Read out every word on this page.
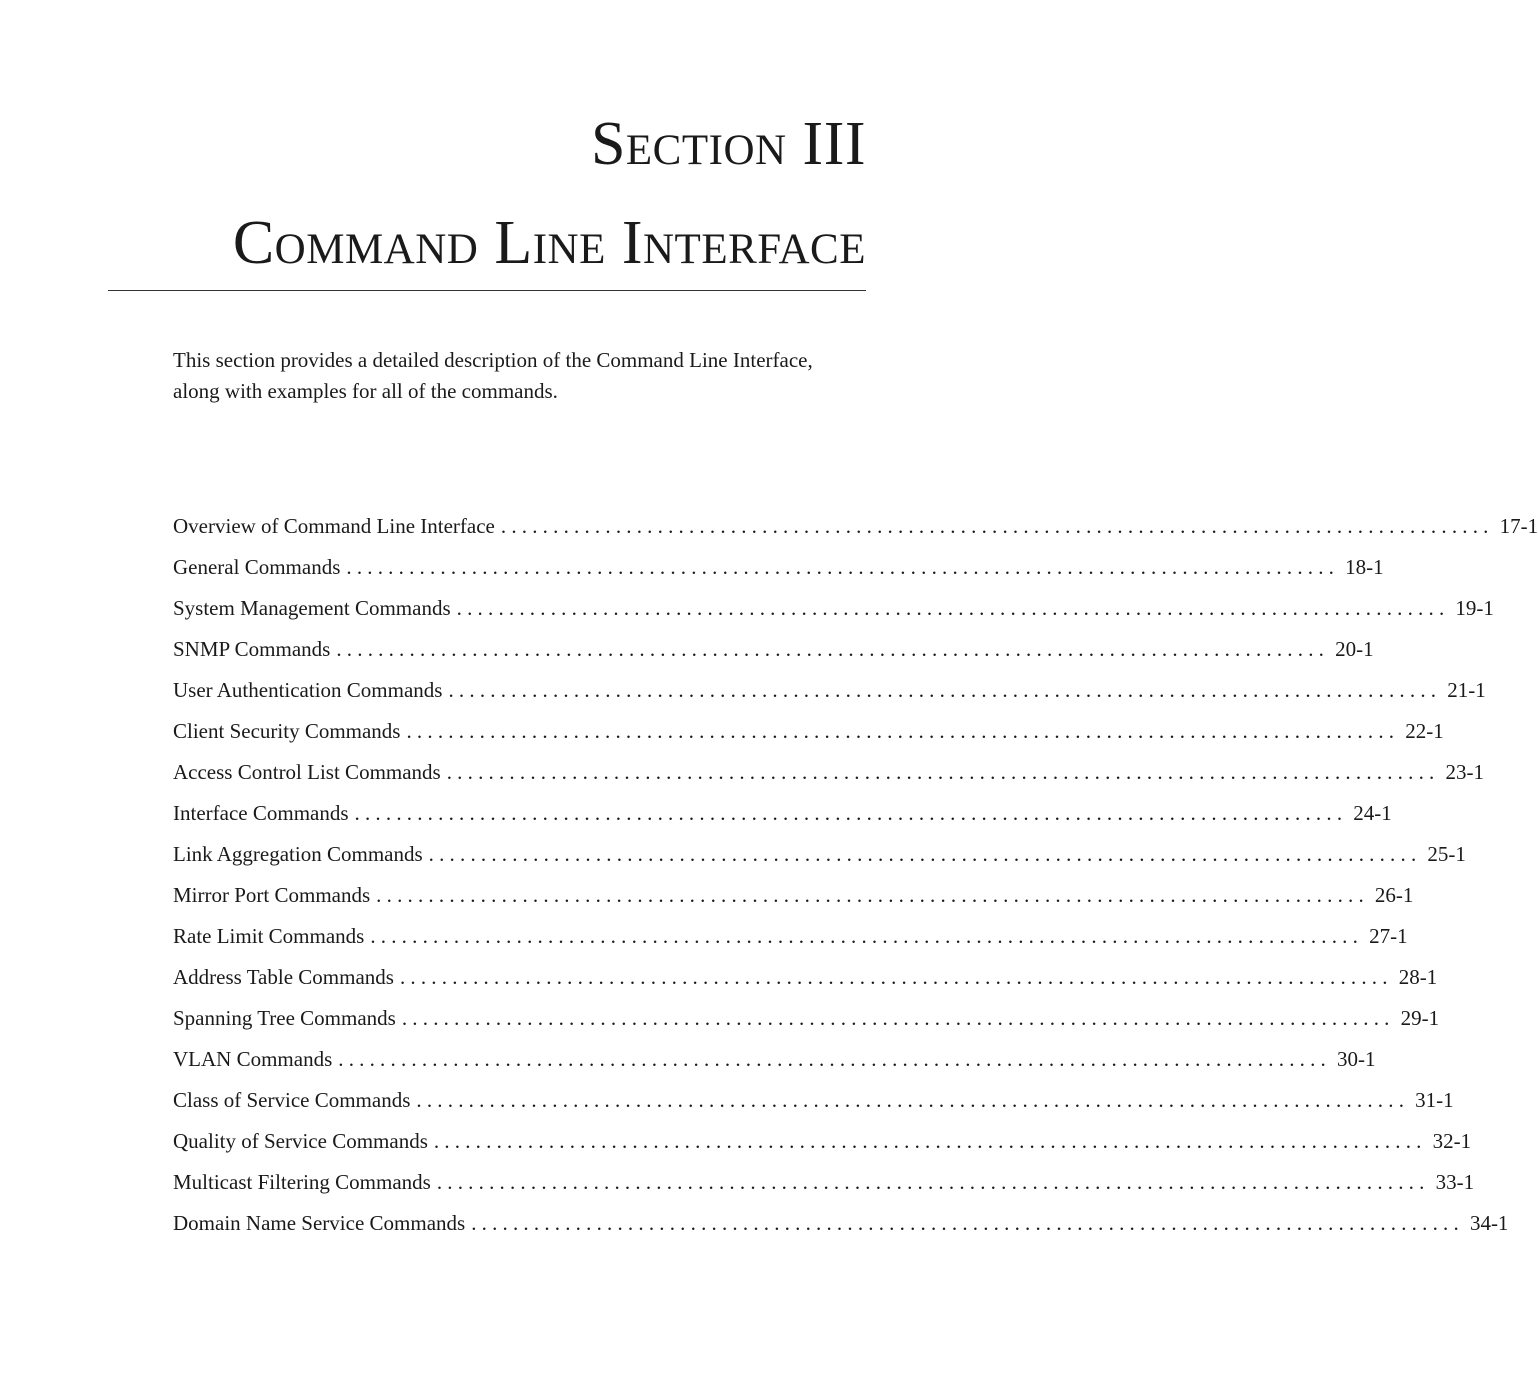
Section III
Command Line Interface

This section provides a detailed description of the Command Line Interface, along with examples for all of the commands.

Overview of Command Line Interface ............................................................................................... 17-1
General Commands ............................................................................................... 18-1
System Management Commands ............................................................................................... 19-1
SNMP Commands ............................................................................................... 20-1
User Authentication Commands ............................................................................................... 21-1
Client Security Commands ............................................................................................... 22-1
Access Control List Commands ............................................................................................... 23-1
Interface Commands ............................................................................................... 24-1
Link Aggregation Commands ............................................................................................... 25-1
Mirror Port Commands ............................................................................................... 26-1
Rate Limit Commands ............................................................................................... 27-1
Address Table Commands ............................................................................................... 28-1
Spanning Tree Commands ............................................................................................... 29-1
VLAN Commands ............................................................................................... 30-1
Class of Service Commands ............................................................................................... 31-1
Quality of Service Commands ............................................................................................... 32-1
Multicast Filtering Commands ............................................................................................... 33-1
Domain Name Service Commands ............................................................................................... 34-1
